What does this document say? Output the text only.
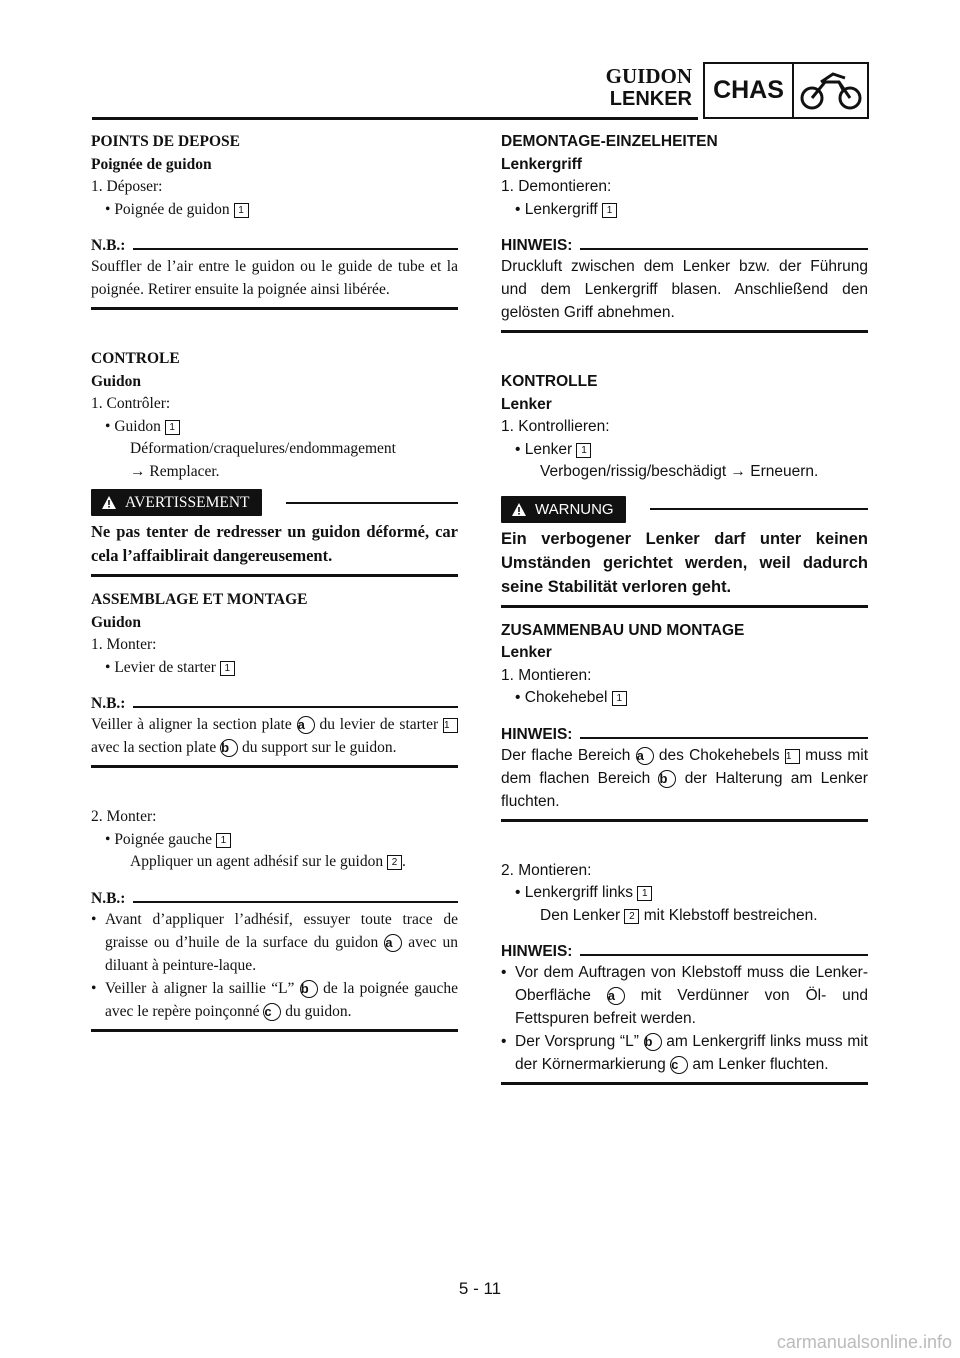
GUIDON
LENKER CHAS
POINTS DE DEPOSE
Poignée de guidon
1. Déposer:
• Poignée de guidon 1
N.B.:
Souffler de l’air entre le guidon ou le guide de tube et la poignée. Retirer ensuite la poignée ainsi libérée.
CONTROLE
Guidon
1. Contrôler:
• Guidon 1
Déformation/craquelures/endommagement
→ Remplacer.
AVERTISSEMENT
Ne pas tenter de redresser un guidon déformé, car cela l’affaiblirait dangereusement.
ASSEMBLAGE ET MONTAGE
Guidon
1. Monter:
• Levier de starter 1
N.B.:
Veiller à aligner la section plate a du levier de starter 1 avec la section plate b du support sur le guidon.
2. Monter:
• Poignée gauche 1
Appliquer un agent adhésif sur le guidon 2 .
N.B.:
• Avant d’appliquer l’adhésif, essuyer toute trace de graisse ou d’huile de la surface du guidon a avec un diluant à peinture-laque.
• Veiller à aligner la saillie “L” b de la poignée gauche avec le repère poinçonné c du guidon.
DEMONTAGE-EINZELHEITEN
Lenkergriff
1. Demontieren:
• Lenkergriff 1
HINWEIS:
Druckluft zwischen dem Lenker bzw. der Führung und dem Lenkergriff blasen. Anschließend den gelösten Griff abnehmen.
KONTROLLE
Lenker
1. Kontrollieren:
• Lenker 1
Verbogen/rissig/beschädigt → Erneuern.
WARNUNG
Ein verbogener Lenker darf unter keinen Umständen gerichtet werden, weil dadurch seine Stabilität verloren geht.
ZUSAMMENBAU UND MONTAGE
Lenker
1. Montieren:
• Chokehebel 1
HINWEIS:
Der flache Bereich a des Chokehebels 1 muss mit dem flachen Bereich b der Halterung am Lenker fluchten.
2. Montieren:
• Lenkergriff links 1
Den Lenker 2 mit Klebstoff bestreichen.
HINWEIS:
• Vor dem Auftragen von Klebstoff muss die Lenker-Oberfläche a mit Verdünner von Öl- und Fettspuren befreit werden.
• Der Vorsprung “L” b am Lenkergriff links muss mit der Körnermarkierung c am Lenker fluchten.
5 - 11
carmanualsonline.info
